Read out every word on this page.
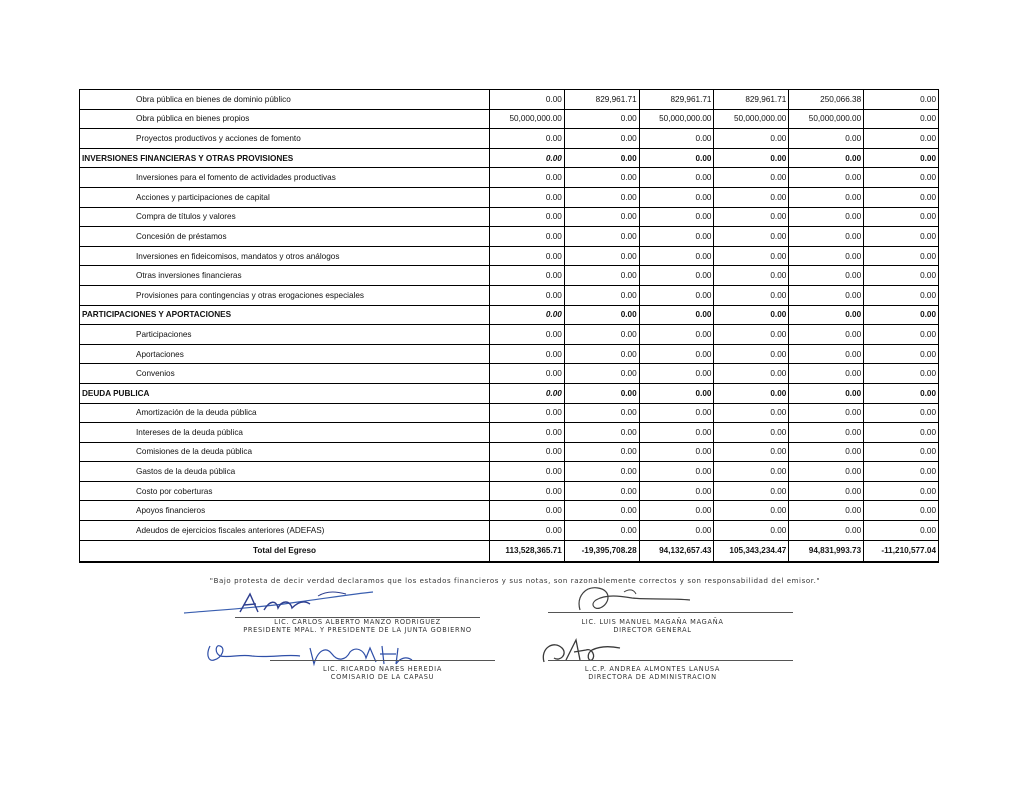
Obra pública en bienes de dominio público	0.00	829,961.71	829,961.71	829,961.71	250,066.38	0.00
Obra pública en bienes propios	50,000,000.00	0.00	50,000,000.00	50,000,000.00	50,000,000.00	0.00
Proyectos productivos y acciones de fomento	0.00	0.00	0.00	0.00	0.00	0.00
INVERSIONES FINANCIERAS Y OTRAS PROVISIONES	0.00	0.00	0.00	0.00	0.00	0.00
Inversiones para el fomento de actividades productivas	0.00	0.00	0.00	0.00	0.00	0.00
Acciones y participaciones de capital	0.00	0.00	0.00	0.00	0.00	0.00
Compra de títulos y valores	0.00	0.00	0.00	0.00	0.00	0.00
Concesión de préstamos	0.00	0.00	0.00	0.00	0.00	0.00
Inversiones en fideicomisos, mandatos y otros análogos	0.00	0.00	0.00	0.00	0.00	0.00
Otras inversiones financieras	0.00	0.00	0.00	0.00	0.00	0.00
Provisiones para contingencias y otras erogaciones especiales	0.00	0.00	0.00	0.00	0.00	0.00
PARTICIPACIONES Y APORTACIONES	0.00	0.00	0.00	0.00	0.00	0.00
Participaciones	0.00	0.00	0.00	0.00	0.00	0.00
Aportaciones	0.00	0.00	0.00	0.00	0.00	0.00
Convenios	0.00	0.00	0.00	0.00	0.00	0.00
DEUDA PUBLICA	0.00	0.00	0.00	0.00	0.00	0.00
Amortización de la deuda pública	0.00	0.00	0.00	0.00	0.00	0.00
Intereses de la deuda pública	0.00	0.00	0.00	0.00	0.00	0.00
Comisiones de la deuda pública	0.00	0.00	0.00	0.00	0.00	0.00
Gastos de la deuda pública	0.00	0.00	0.00	0.00	0.00	0.00
Costo por coberturas	0.00	0.00	0.00	0.00	0.00	0.00
Apoyos financieros	0.00	0.00	0.00	0.00	0.00	0.00
Adeudos de ejercicios fiscales anteriores (ADEFAS)	0.00	0.00	0.00	0.00	0.00	0.00
Total del Egreso	113,528,365.71	-19,395,708.28	94,132,657.43	105,343,234.47	94,831,993.73	-11,210,577.04
"Bajo protesta de decir verdad declaramos que los estados financieros y sus notas, son razonablemente correctos y son responsabilidad del emisor."
LIC. CARLOS ALBERTO MANZO RODRIGUEZ
PRESIDENTE MPAL. Y PRESIDENTE DE LA JUNTA GOBIERNO
LIC. LUIS MANUEL MAGAÑA MAGAÑA
DIRECTOR GENERAL
LIC. RICARDO NARES HEREDIA
COMISARIO DE LA CAPASU
L.C.P. ANDREA ALMONTES LANUSA
DIRECTORA DE ADMINISTRACION
